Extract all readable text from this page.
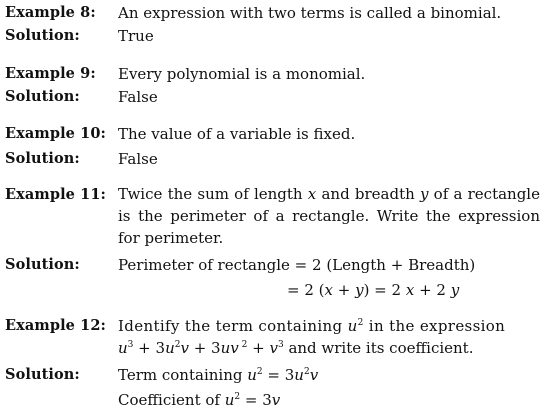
Example 8: An expression with two terms is called a binomial.
Solution:	True
Example 9: Every polynomial is a monomial.
Solution:	False
Example 10: The value of a variable is fixed.
Solution:	False
Example 11: Twice the sum of length x and breadth y of a rectangle is the perimeter of a rectangle. Write the expression for perimeter.
Solution:	Perimeter of rectangle = 2 (Length + Breadth)
= 2 (x + y) = 2 x + 2 y
Example 12: Identify the term containing $u^2$ in the expression
$u^3 + 3u^2v + 3uv$ $^2 + v^3$ and write its coefficient.
Solution:	Term containing $u^2 = 3u^2v$
Coefficient of $u^2 = 3v$
